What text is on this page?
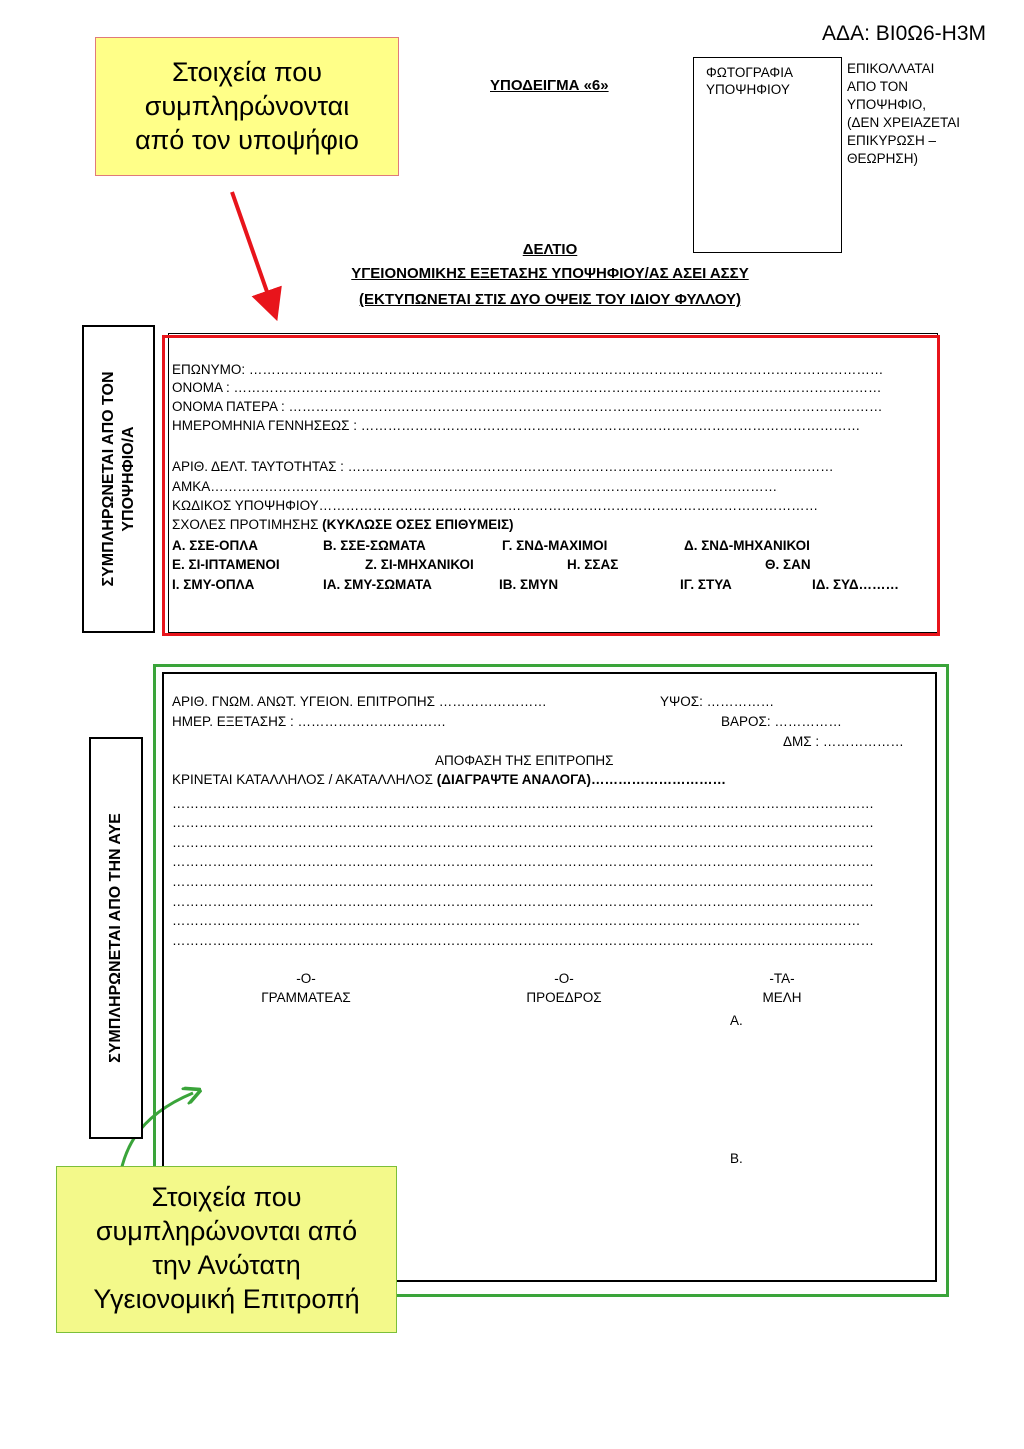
ΑΔΑ: ΒΙ0Ω6-Η3Μ
ΥΠΟΔΕΙΓΜΑ «6»
ΦΩΤΟΓΡΑΦΙΑ
ΥΠΟΨΗΦΙΟΥ
ΕΠΙΚΟΛΛΑΤΑΙ
ΑΠΟ ΤΟΝ
ΥΠΟΨΗΦΙΟ,
(ΔΕΝ ΧΡΕΙΑΖΕΤΑΙ
ΕΠΙΚΥΡΩΣΗ –
ΘΕΩΡΗΣΗ)
Στοιχεία που
συμπληρώνονται
από τον υποψήφιο
ΔΕΛΤΙΟ
ΥΓΕΙΟΝΟΜΙΚΗΣ ΕΞΕΤΑΣΗΣ ΥΠΟΨΗΦΙΟΥ/ΑΣ ΑΣΕΙ ΑΣΣΥ
(ΕΚΤΥΠΩΝΕΤΑΙ ΣΤΙΣ ΔΥΟ ΟΨΕΙΣ ΤΟΥ ΙΔΙΟΥ ΦΥΛΛΟΥ)
ΣΥΜΠΛΗΡΩΝΕΤΑΙ ΑΠΟ ΤΟΝ ΥΠΟΨΗΦΙΟ/Α
ΕΠΩΝΥΜΟ: ……………………………………………………………………………………………………………………………
ΟΝΟΜΑ : ………………………………………………………………………………………………………………………………
ΟΝΟΜΑ ΠΑΤΕΡΑ : ……………………………………………………………………………………………………………………
ΗΜΕΡΟΜΗΝΙΑ ΓΕΝΝΗΣΕΩΣ : …………………………………………………………………………………………………
ΑΡΙΘ. ΔΕΛΤ. ΤΑΥΤΟΤΗΤΑΣ : ………………………………………………………………………………………………
ΑΜΚΑ………………………………………………………………………………………………………………
ΚΩΔΙΚΟΣ ΥΠΟΨΗΦΙΟΥ…………………………………………………………………………………………………
ΣΧΟΛΕΣ ΠΡΟΤΙΜΗΣΗΣ (ΚΥΚΛΩΣΕ ΟΣΕΣ ΕΠΙΘΥΜΕΙΣ)
Α. ΣΣΕ-ΟΠΛΑ	Β. ΣΣΕ-ΣΩΜΑΤΑ	Γ. ΣΝΔ-ΜΑΧΙΜΟΙ	Δ. ΣΝΔ-ΜΗΧΑΝΙΚΟΙ
Ε. ΣΙ-ΙΠΤΑΜΕΝΟΙ	Ζ. ΣΙ-ΜΗΧΑΝΙΚΟΙ	Η. ΣΣΑΣ	Θ. ΣΑΝ
Ι. ΣΜΥ-ΟΠΛΑ	ΙΑ. ΣΜΥ-ΣΩΜΑΤΑ	ΙΒ. ΣΜΥΝ	ΙΓ. ΣΤΥΑ	ΙΔ. ΣΥΔ………
ΣΥΜΠΛΗΡΩΝΕΤΑΙ ΑΠΟ ΤΗΝ ΑΥΕ
ΑΡΙΘ. ΓΝΩΜ. ΑΝΩΤ. ΥΓΕΙΟΝ. ΕΠΙΤΡΟΠΗΣ ……………………	ΥΨΟΣ: ……………
ΗΜΕΡ. ΕΞΕΤΑΣΗΣ : ……………………………	ΒΑΡΟΣ: ……………
ΔΜΣ : ………………
ΑΠΟΦΑΣΗ ΤΗΣ ΕΠΙΤΡΟΠΗΣ
ΚΡΙΝΕΤΑΙ ΚΑΤΑΛΛΗΛΟΣ / ΑΚΑΤΑΛΛΗΛΟΣ (ΔΙΑΓΡΑΨΤΕ ΑΝΑΛΟΓΑ)…………………………
…………………………………………………………………………………………………………………………………………
…………………………………………………………………………………………………………………………………………
…………………………………………………………………………………………………………………………………………
…………………………………………………………………………………………………………………………………………
…………………………………………………………………………………………………………………………………………
…………………………………………………………………………………………………………………………………………
………………………………………………………………………………………………………………………………………
…………………………………………………………………………………………………………………………………………
-Ο-
ΓΡΑΜΜΑΤΕΑΣ
-Ο-
ΠΡΟΕΔΡΟΣ
-ΤΑ-
ΜΕΛΗ
Α.
Β.
Στοιχεία που
συμπληρώνονται από
την Ανώτατη
Υγειονομική Επιτροπή
